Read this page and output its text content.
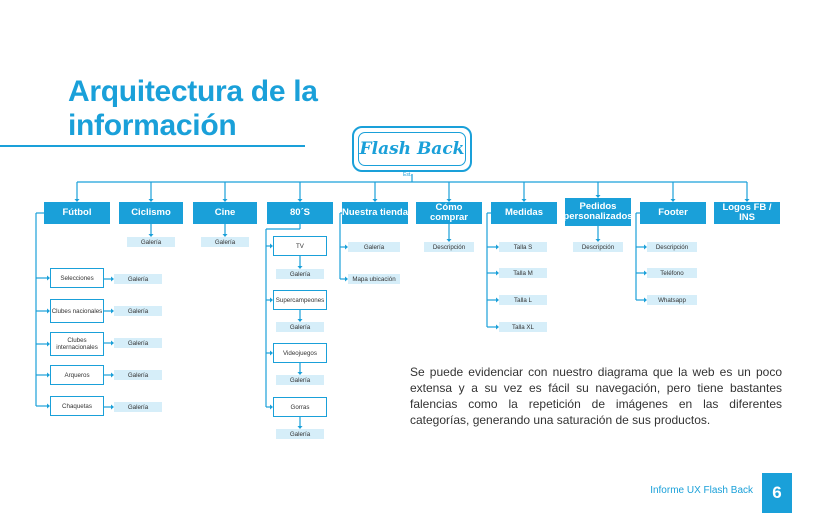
Arquitectura de la información
Flash Back
Est.
Fútbol	Ciclismo	Cine	80´S	Nuestra tienda	Cómo comprar	Medidas
Pedidos personalizados	Footer	Logos FB / INS
Selecciones
Clubes nacionales
Clubes internacionales
Arqueros
Chaquetas
Galería
Galería
Galería
Galería
Galería
Galería	Galería
TV
Galería
Supercampeones
Galería
Videojuegos
Galería
Gorras
Galería
Galería
Mapa ubicación
Descripción	Talla S
Talla M
Talla L
Talla XL
Descripción	Descripción
Teléfono
Whatsapp
Se puede evidenciar con nuestro diagrama que la web es un poco extensa y a su vez es fácil su navegación, pero tiene bastantes falencias como la repetición de imágenes en las diferentes categorías, generando una saturación de sus productos.
Informe UX Flash Back	6
